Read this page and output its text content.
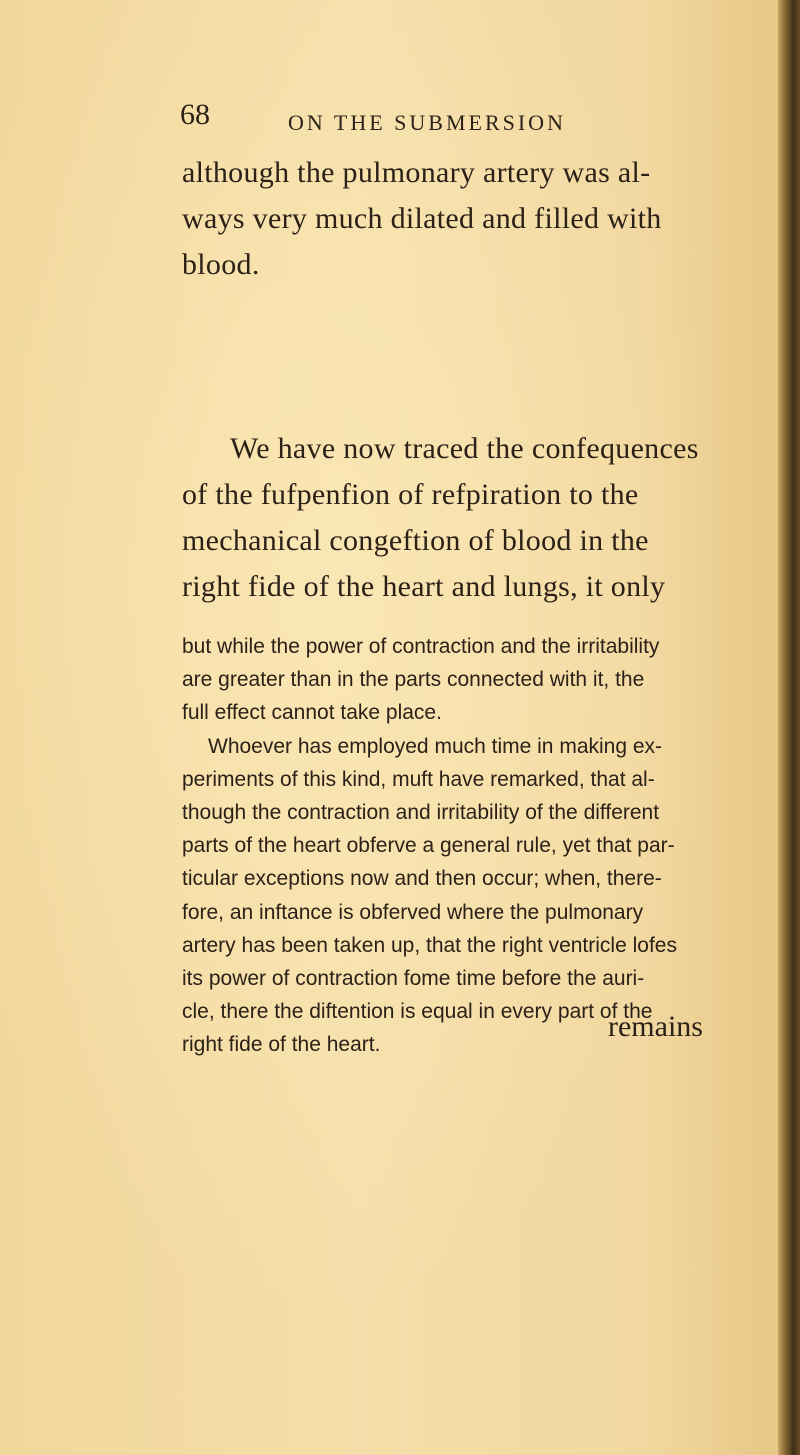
68	ON THE SUBMERSION
although the pulmonary artery was al-
ways very much dilated and filled with
blood.
We have now traced the confequences
of the fufpenfion of refpiration to the
mechanical congeftion of blood in the
right fide of the heart and lungs, it only
but while the power of contraction and the irritability
are greater than in the parts connected with it, the
full effect cannot take place.
Whoever has employed much time in making ex-
periments of this kind, muft have remarked, that al-
though the contraction and irritability of the different
parts of the heart obferve a general rule, yet that par-
ticular exceptions now and then occur; when, there-
fore, an inftance is obferved where the pulmonary
artery has been taken up, that the right ventricle lofes
its power of contraction fome time before the auri-
cle, there the diftention is equal in every part of the
right fide of the heart.
remains
